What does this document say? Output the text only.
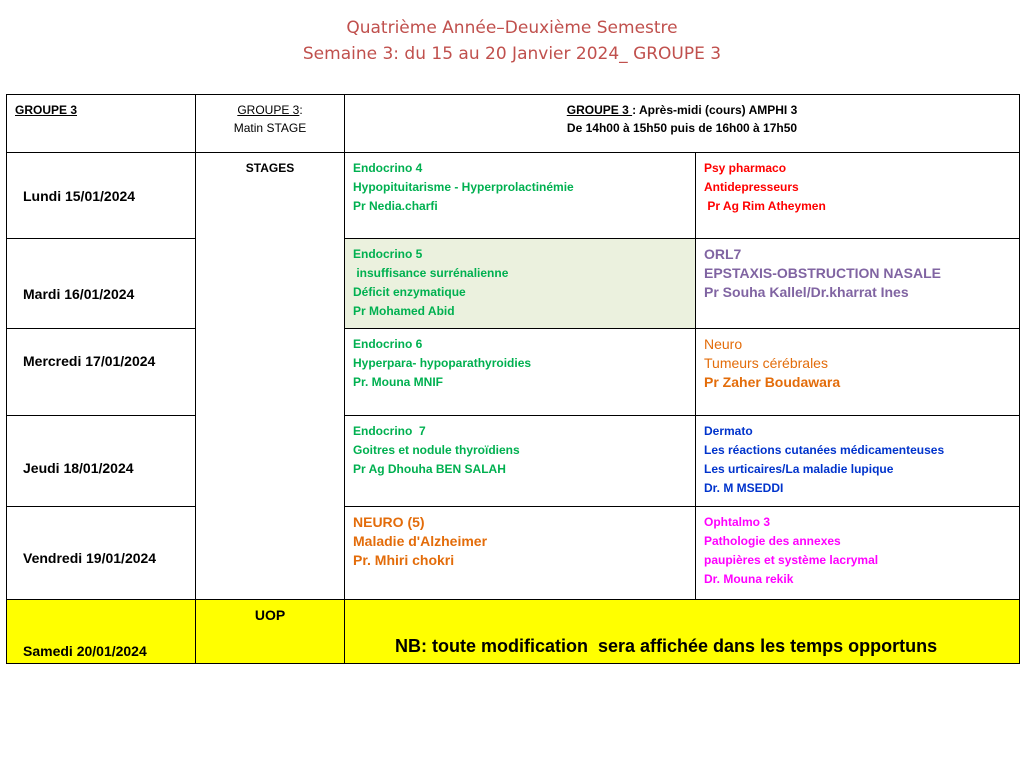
Quatrième Année–Deuxième Semestre
Semaine 3: du 15 au 20 Janvier 2024_ GROUPE 3
GROUPE 3	GROUPE 3:
Matin STAGE	GROUPE 3 : Après-midi (cours) AMPHI 3
De 14h00 à 15h50 puis de 16h00 à 17h50	

Lundi 15/01/2024	STAGES	Endocrino 4
Hypopituitarisme - Hyperprolactinémie
Pr Nedia.charfi	Psy pharmaco
Antidepresseurs
Pr Ag Rim Atheymen

Mardi 16/01/2024		Endocrino 5
insuffisance surrénalienne
Déficit enzymatique
Pr Mohamed Abid	ORL7
EPSTAXIS-OBSTRUCTION NASALE
Pr Souha Kallel/Dr.kharrat Ines

Mercredi 17/01/2024		Endocrino 6
Hyperpara- hypoparathyroidies
Pr. Mouna MNIF	Neuro
Tumeurs cérébrales
Pr Zaher Boudawara

Jeudi 18/01/2024		Endocrino  7
Goitres et nodule thyroïdiens
Pr Ag Dhouha BEN SALAH	Dermato
Les réactions cutanées médicamenteuses
Les urticaires/La maladie lupique
Dr. M MSEDDI

Vendredi 19/01/2024		NEURO (5)
Maladie d'Alzheimer
Pr. Mhiri chokri	Ophtalmo 3
Pathologie des annexes
paupières et système lacrymal
Dr. Mouna rekik

Samedi 20/01/2024	UOP	NB: toute modification  sera affichée dans les temps opportuns	
